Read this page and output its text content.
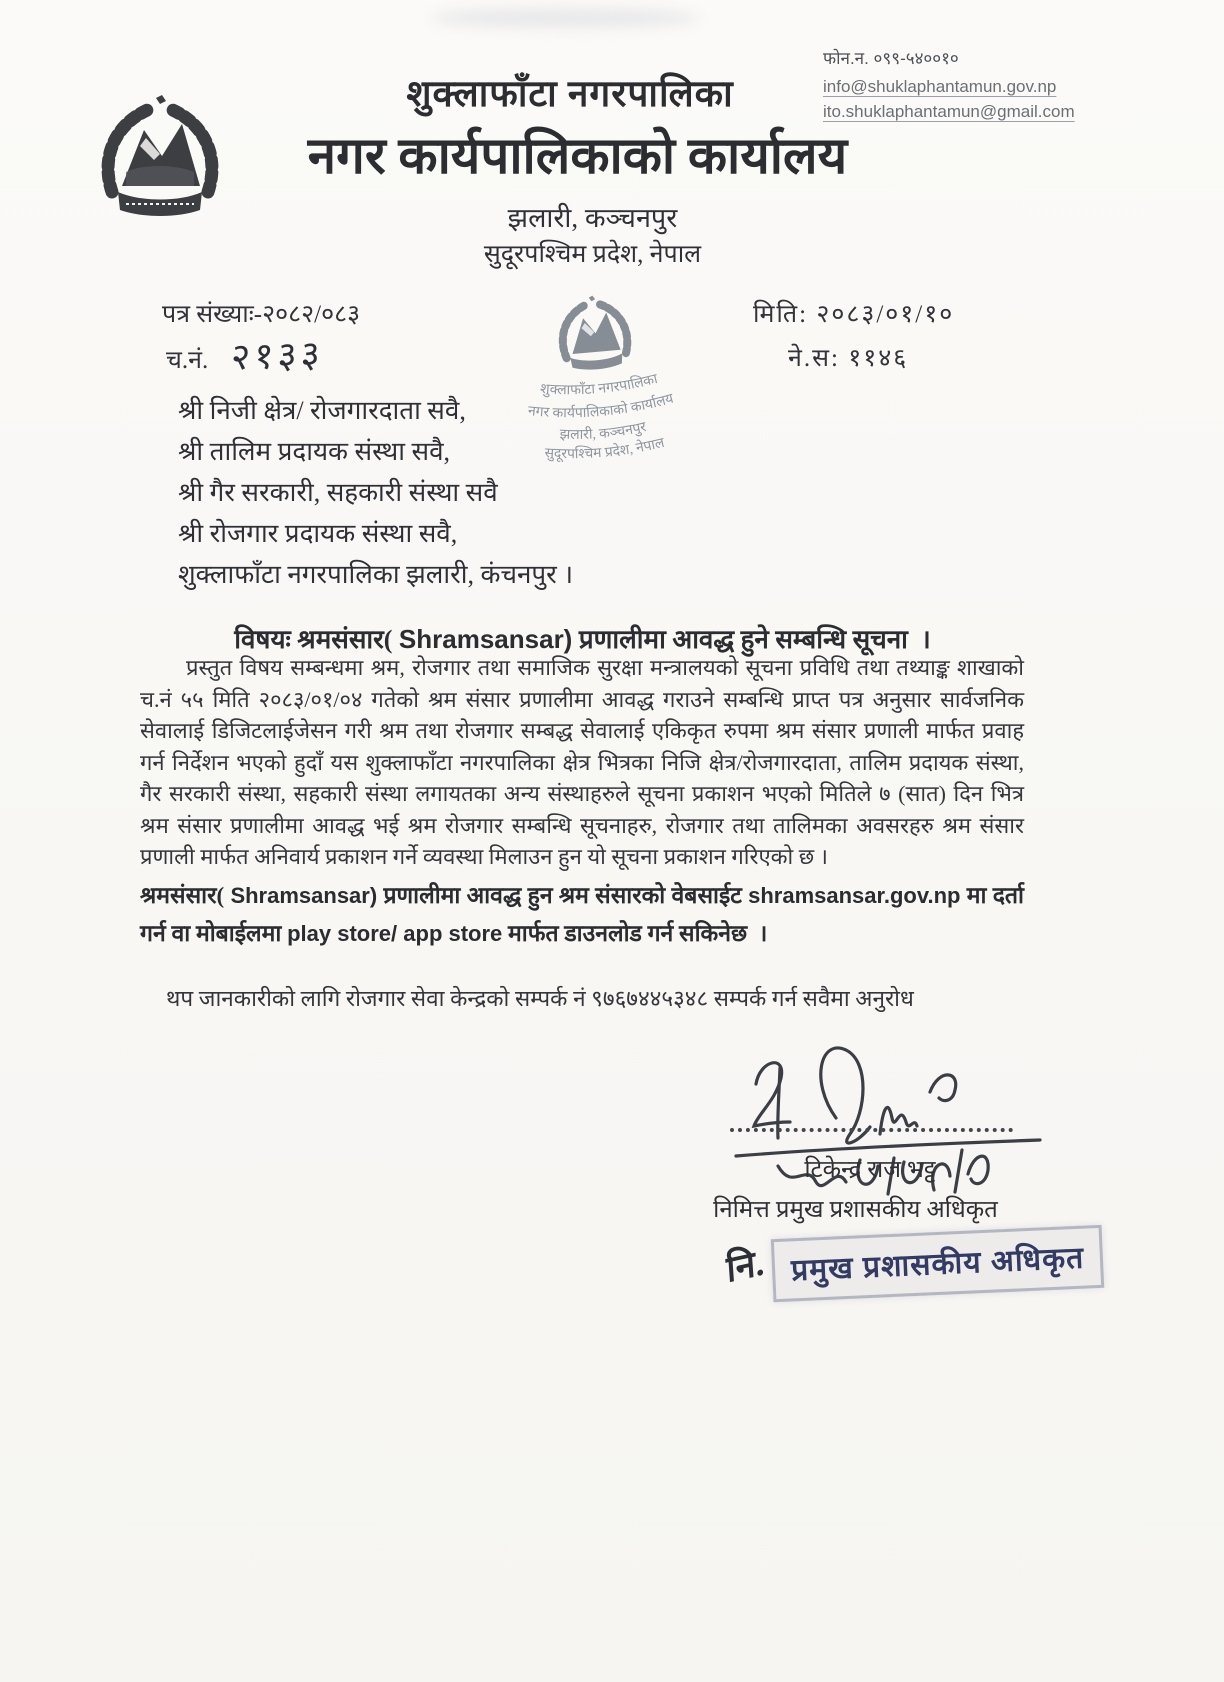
शुक्लाफाँटा नगरपालिका
नगर कार्यपालिकाको कार्यालय
झलारी, कञ्चनपुर
सुदूरपश्चिम प्रदेश, नेपाल
फोन.न. ०९९-५४००१०
info@shuklaphantamun.gov.np
ito.shuklaphantamun@gmail.com
पत्र संख्याः-२०८२/०८३
च.नं. २१३३
मिति: २०८३/०१/१०
ने.स: ११४६
शुक्लाफाँटा नगरपालिका
नगर कार्यपालिकाको कार्यालय
झलारी, कञ्चनपुर
सुदूरपश्चिम प्रदेश, नेपाल
श्री निजी क्षेत्र/ रोजगारदाता सवै,
श्री तालिम प्रदायक संस्था सवै,
श्री गैर सरकारी, सहकारी संस्था सवै
श्री रोजगार प्रदायक संस्था सवै,
शुक्लाफाँटा नगरपालिका झलारी, कंचनपुर ।
विषयः श्रमसंसार( Shramsansar) प्रणालीमा आवद्ध हुने सम्बन्धि सूचना  ।

प्रस्तुत विषय सम्बन्धमा श्रम, रोजगार तथा समाजिक सुरक्षा मन्त्रालयको सूचना प्रविधि तथा तथ्याङ्क शाखाको च.नं ५५ मिति २०८३/०१/०४ गतेको श्रम संसार प्रणालीमा आवद्ध गराउने सम्बन्धि प्राप्त पत्र अनुसार सार्वजनिक सेवालाई डिजिटलाईजेसन गरी श्रम तथा रोजगार सम्बद्ध सेवालाई एकिकृत रुपमा श्रम संसार प्रणाली मार्फत प्रवाह गर्न निर्देशन भएको हुदाँ यस शुक्लाफाँटा नगरपालिका क्षेत्र भित्रका निजि क्षेत्र/रोजगारदाता, तालिम प्रदायक संस्था, गैर सरकारी संस्था, सहकारी संस्था लगायतका अन्य संस्थाहरुले सूचना प्रकाशन भएको मितिले ७ (सात) दिन भित्र श्रम संसार प्रणालीमा आवद्ध भई श्रम रोजगार सम्बन्धि सूचनाहरु, रोजगार तथा तालिमका अवसरहरु श्रम संसार प्रणाली मार्फत अनिवार्य प्रकाशन गर्ने व्यवस्था मिलाउन हुन यो सूचना प्रकाशन गरिएको छ ।

श्रमसंसार( Shramsansar) प्रणालीमा आवद्ध हुन श्रम संसारको वेबसाईट shramsansar.gov.np मा दर्ता गर्न वा मोबाईलमा play store/ app store मार्फत डाउनलोड गर्न सकिनेछ  ।

थप जानकारीको लागि रोजगार सेवा केन्द्रको सम्पर्क नं ९७६७४४५३४८ सम्पर्क गर्न सवैमा अनुरोध

टिकेन्द्र राज भट्ट
निमित्त प्रमुख प्रशासकीय अधिकृत
नि. प्रमुख प्रशासकीय अधिकृत
